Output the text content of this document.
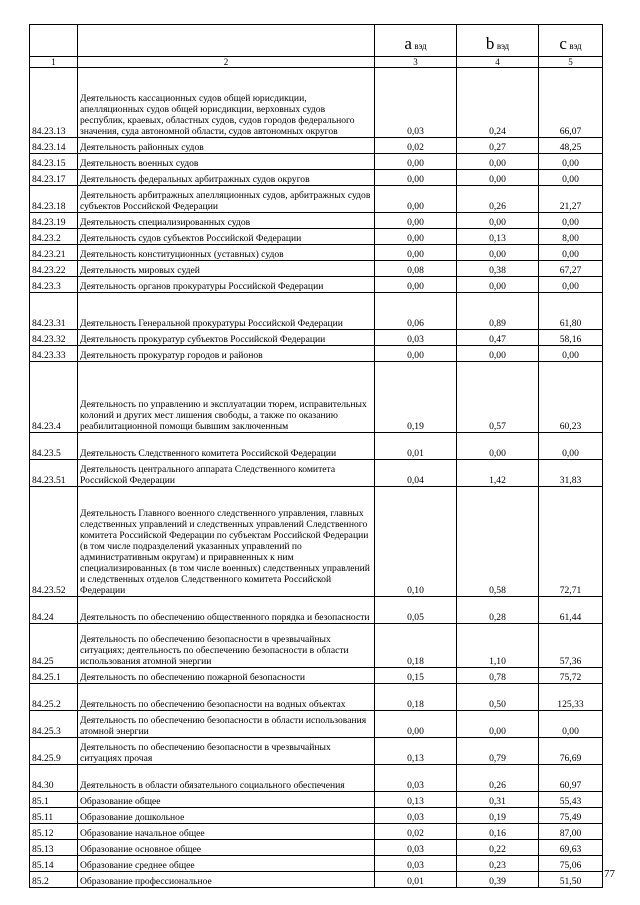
		a вэд	b вэд	c вэд
1	2	3	4	5
84.23.13	Деятельность кассационных судов общей юрисдикции, апелляционных судов общей юрисдикции, верховных судов республик, краевых, областных судов, судов городов федерального значения, суда автономной области, судов автономных округов	0,03	0,24	66,07
84.23.14	Деятельность районных судов	0,02	0,27	48,25
84.23.15	Деятельность военных судов	0,00	0,00	0,00
84.23.17	Деятельность федеральных арбитражных судов округов	0,00	0,00	0,00
84.23.18	Деятельность арбитражных апелляционных судов, арбитражных судов субъектов Российской Федерации	0,00	0,26	21,27
84.23.19	Деятельность специализированных судов	0,00	0,00	0,00
84.23.2	Деятельность судов субъектов Российской Федерации	0,00	0,13	8,00
84.23.21	Деятельность конституционных (уставных) судов	0,00	0,00	0,00
84.23.22	Деятельность мировых судей	0,08	0,38	67,27
84.23.3	Деятельность органов прокуратуры Российской Федерации	0,00	0,00	0,00
84.23.31	Деятельность Генеральной прокуратуры Российской Федерации	0,06	0,89	61,80
84.23.32	Деятельность прокуратур субъектов Российской Федерации	0,03	0,47	58,16
84.23.33	Деятельность прокуратур городов и районов	0,00	0,00	0,00
84.23.4	Деятельность по управлению и эксплуатации тюрем, исправительных колоний и других мест лишения свободы, а также по оказанию реабилитационной помощи бывшим заключенным	0,19	0,57	60,23
84.23.5	Деятельность Следственного комитета Российской Федерации	0,01	0,00	0,00
84.23.51	Деятельность центрального аппарата Следственного комитета Российской Федерации	0,04	1,42	31,83
84.23.52	Деятельность Главного военного следственного управления, главных следственных управлений и следственных управлений Следственного комитета Российской Федерации по субъектам Российской Федерации (в том числе подразделений указанных управлений по административным округам) и приравненных к ним специализированных (в том числе военных) следственных управлений и следственных отделов Следственного комитета Российской Федерации	0,10	0,58	72,71
84.24	Деятельность по обеспечению общественного порядка и безопасности	0,05	0,28	61,44
84.25	Деятельность по обеспечению безопасности в чрезвычайных ситуациях; деятельность по обеспечению безопасности в области использования атомной энергии	0,18	1,10	57,36
84.25.1	Деятельность по обеспечению пожарной безопасности	0,15	0,78	75,72
84.25.2	Деятельность по обеспечению безопасности на водных объектах	0,18	0,50	125,33
84.25.3	Деятельность по обеспечению безопасности в области использования атомной энергии	0,00	0,00	0,00
84.25.9	Деятельность по обеспечению безопасности в чрезвычайных ситуациях прочая	0,13	0,79	76,69
84.30	Деятельность в области обязательного социального обеспечения	0,03	0,26	60,97
85.1	Образование общее	0,13	0,31	55,43
85.11	Образование дошкольное	0,03	0,19	75,49
85.12	Образование начальное общее	0,02	0,16	87,00
85.13	Образование основное общее	0,03	0,22	69,63
85.14	Образование среднее общее	0,03	0,23	75,06
85.2	Образование профессиональное	0,01	0,39	51,50
77
